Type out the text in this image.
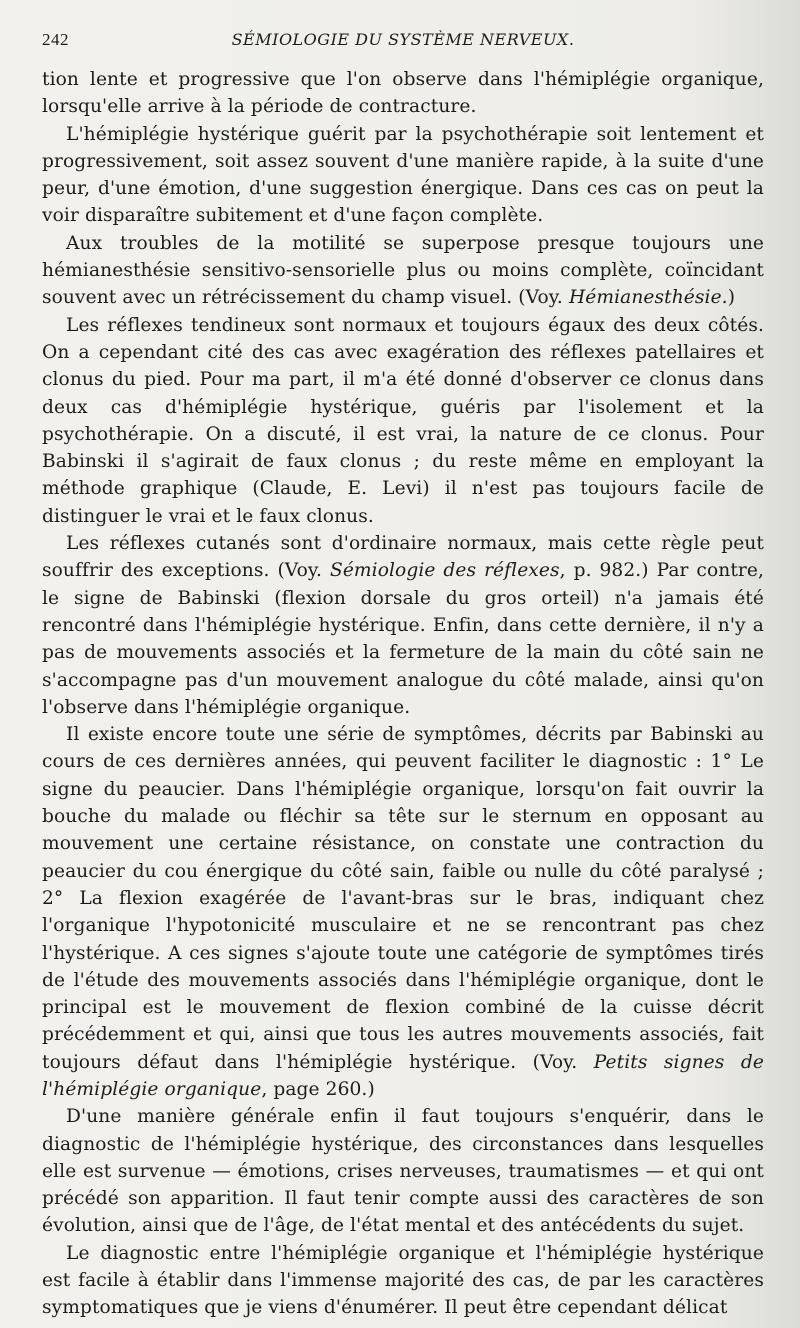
242	SÉMIOLOGIE DU SYSTÈME NERVEUX.

tion lente et progressive que l'on observe dans l'hémiplégie organique, lorsqu'elle arrive à la période de contracture.

L'hémiplégie hystérique guérit par la psychothérapie soit lentement et progressivement, soit assez souvent d'une manière rapide, à la suite d'une peur, d'une émotion, d'une suggestion énergique. Dans ces cas on peut la voir disparaître subitement et d'une façon complète.

Aux troubles de la motilité se superpose presque toujours une hémianesthésie sensitivo-sensorielle plus ou moins complète, coïncidant souvent avec un rétrécissement du champ visuel. (Voy. Hémianesthésie.)

Les réflexes tendineux sont normaux et toujours égaux des deux côtés. On a cependant cité des cas avec exagération des réflexes patellaires et clonus du pied. Pour ma part, il m'a été donné d'observer ce clonus dans deux cas d'hémiplégie hystérique, guéris par l'isolement et la psychothérapie. On a discuté, il est vrai, la nature de ce clonus. Pour Babinski il s'agirait de faux clonus ; du reste même en employant la méthode graphique (Claude, E. Levi) il n'est pas toujours facile de distinguer le vrai et le faux clonus.

Les réflexes cutanés sont d'ordinaire normaux, mais cette règle peut souffrir des exceptions. (Voy. Sémiologie des réflexes, p. 982.) Par contre, le signe de Babinski (flexion dorsale du gros orteil) n'a jamais été rencontré dans l'hémiplégie hystérique. Enfin, dans cette dernière, il n'y a pas de mouvements associés et la fermeture de la main du côté sain ne s'accompagne pas d'un mouvement analogue du côté malade, ainsi qu'on l'observe dans l'hémiplégie organique.

Il existe encore toute une série de symptômes, décrits par Babinski au cours de ces dernières années, qui peuvent faciliter le diagnostic : 1° Le signe du peaucier. Dans l'hémiplégie organique, lorsqu'on fait ouvrir la bouche du malade ou fléchir sa tête sur le sternum en opposant au mouvement une certaine résistance, on constate une contraction du peaucier du cou énergique du côté sain, faible ou nulle du côté paralysé ; 2° La flexion exagérée de l'avant-bras sur le bras, indiquant chez l'organique l'hypotonicité musculaire et ne se rencontrant pas chez l'hystérique. A ces signes s'ajoute toute une catégorie de symptômes tirés de l'étude des mouvements associés dans l'hémiplégie organique, dont le principal est le mouvement de flexion combiné de la cuisse décrit précédemment et qui, ainsi que tous les autres mouvements associés, fait toujours défaut dans l'hémiplégie hystérique. (Voy. Petits signes de l'hémiplégie organique, page 260.)

D'une manière générale enfin il faut toujours s'enquérir, dans le diagnostic de l'hémiplégie hystérique, des circonstances dans lesquelles elle est survenue — émotions, crises nerveuses, traumatismes — et qui ont précédé son apparition. Il faut tenir compte aussi des caractères de son évolution, ainsi que de l'âge, de l'état mental et des antécédents du sujet.

Le diagnostic entre l'hémiplégie organique et l'hémiplégie hystérique est facile à établir dans l'immense majorité des cas, de par les caractères symptomatiques que je viens d'énumérer. Il peut être cependant délicat
